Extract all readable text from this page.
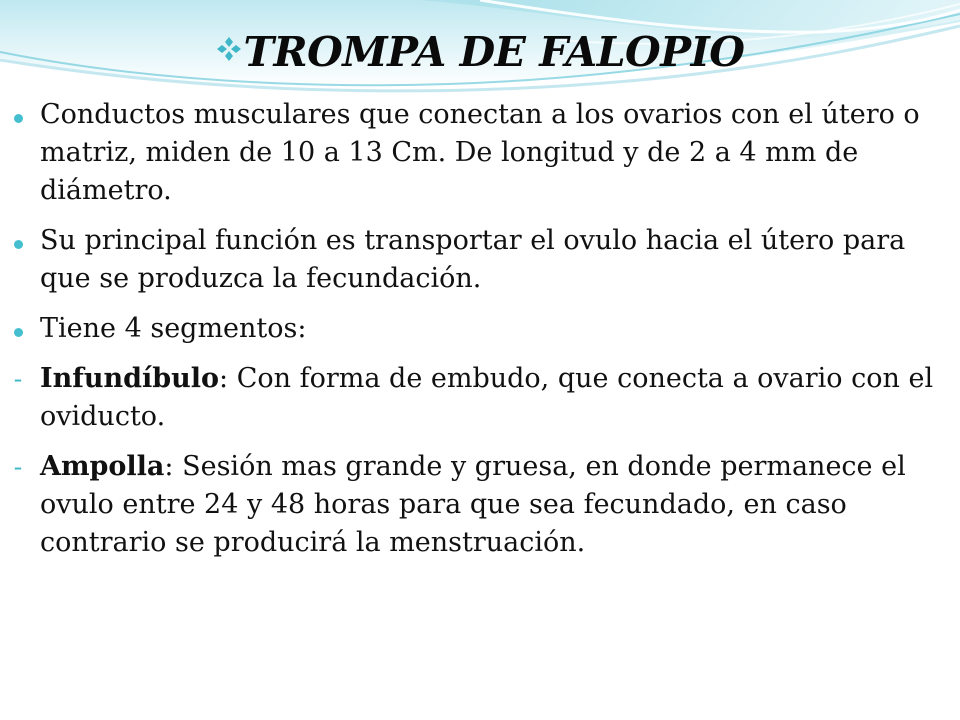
TROMPA DE FALOPIO
Conductos musculares que conectan a los ovarios con el útero o matriz, miden de 10 a 13 Cm. De longitud y de 2 a 4 mm de diámetro.
Su principal función es transportar el ovulo hacia el útero para que se produzca la fecundación.
Tiene 4 segmentos:
- Infundíbulo: Con forma de embudo, que conecta a ovario con el oviducto.
- Ampolla: Sesión mas grande y gruesa, en donde permanece el ovulo entre 24 y 48 horas para que sea fecundado, en caso contrario se producirá la menstruación.
